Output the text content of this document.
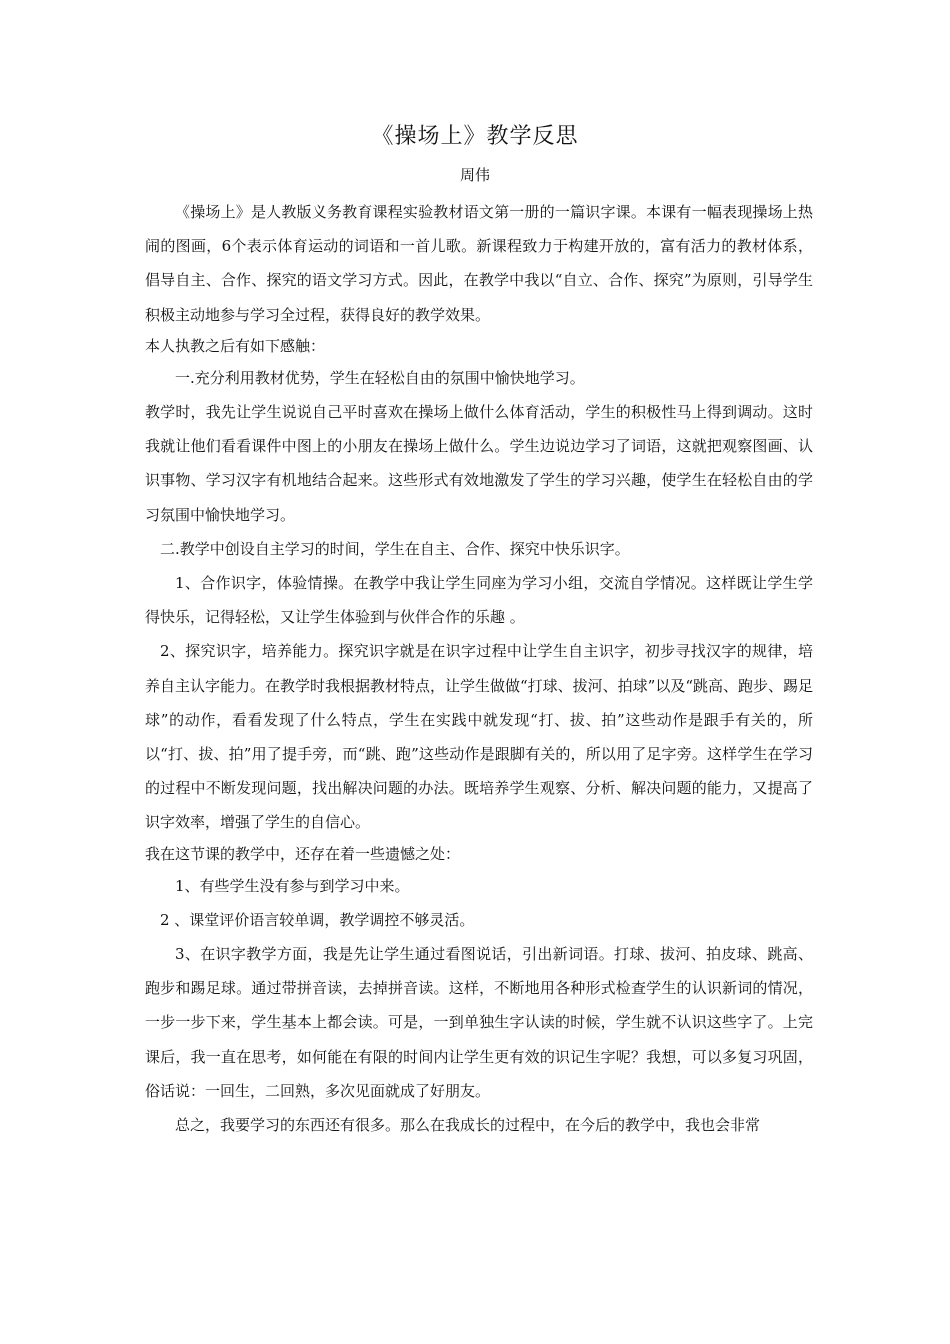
《操场上》教学反思
周伟

《操场上》是人教版义务教育课程实验教材语文第一册的一篇识字课。本课有一幅表现操场上热闹的图画，6个表示体育运动的词语和一首儿歌。新课程致力于构建开放的，富有活力的教材体系，倡导自主、合作、探究的语文学习方式。因此，在教学中我以“自立、合作、探究”为原则，引导学生积极主动地参与学习全过程，获得良好的教学效果。

本人执教之后有如下感触：

一.充分利用教材优势，学生在轻松自由的氛围中愉快地学习。

教学时，我先让学生说说自己平时喜欢在操场上做什么体育活动，学生的积极性马上得到调动。这时我就让他们看看课件中图上的小朋友在操场上做什么。学生边说边学习了词语，这就把观察图画、认识事物、学习汉字有机地结合起来。这些形式有效地激发了学生的学习兴趣，使学生在轻松自由的学习氛围中愉快地学习。

二.教学中创设自主学习的时间，学生在自主、合作、探究中快乐识字。

1、合作识字，体验情操。在教学中我让学生同座为学习小组，交流自学情况。这样既让学生学得快乐，记得轻松，又让学生体验到与伙伴合作的乐趣 。

2、探究识字，培养能力。探究识字就是在识字过程中让学生自主识字，初步寻找汉字的规律，培养自主认字能力。在教学时我根据教材特点，让学生做做“打球、拔河、拍球”以及“跳高、跑步、踢足球”的动作，看看发现了什么特点，学生在实践中就发现“打、拔、拍”这些动作是跟手有关的，所以“打、拔、拍”用了提手旁，而“跳、跑”这些动作是跟脚有关的，所以用了足字旁。这样学生在学习的过程中不断发现问题，找出解决问题的办法。既培养学生观察、分析、解决问题的能力，又提高了识字效率，增强了学生的自信心。

我在这节课的教学中，还存在着一些遗憾之处：

1、有些学生没有参与到学习中来。

2 、课堂评价语言较单调，教学调控不够灵活。

3、在识字教学方面，我是先让学生通过看图说话，引出新词语。打球、拔河、拍皮球、跳高、跑步和踢足球。通过带拼音读，去掉拼音读。这样，不断地用各种形式检查学生的认识新词的情况，一步一步下来，学生基本上都会读。可是，一到单独生字认读的时候，学生就不认识这些字了。上完课后，我一直在思考，如何能在有限的时间内让学生更有效的识记生字呢？我想，可以多复习巩固，俗话说：一回生，二回熟，多次见面就成了好朋友。

总之，我要学习的东西还有很多。那么在我成长的过程中，在今后的教学中，我也会非常
